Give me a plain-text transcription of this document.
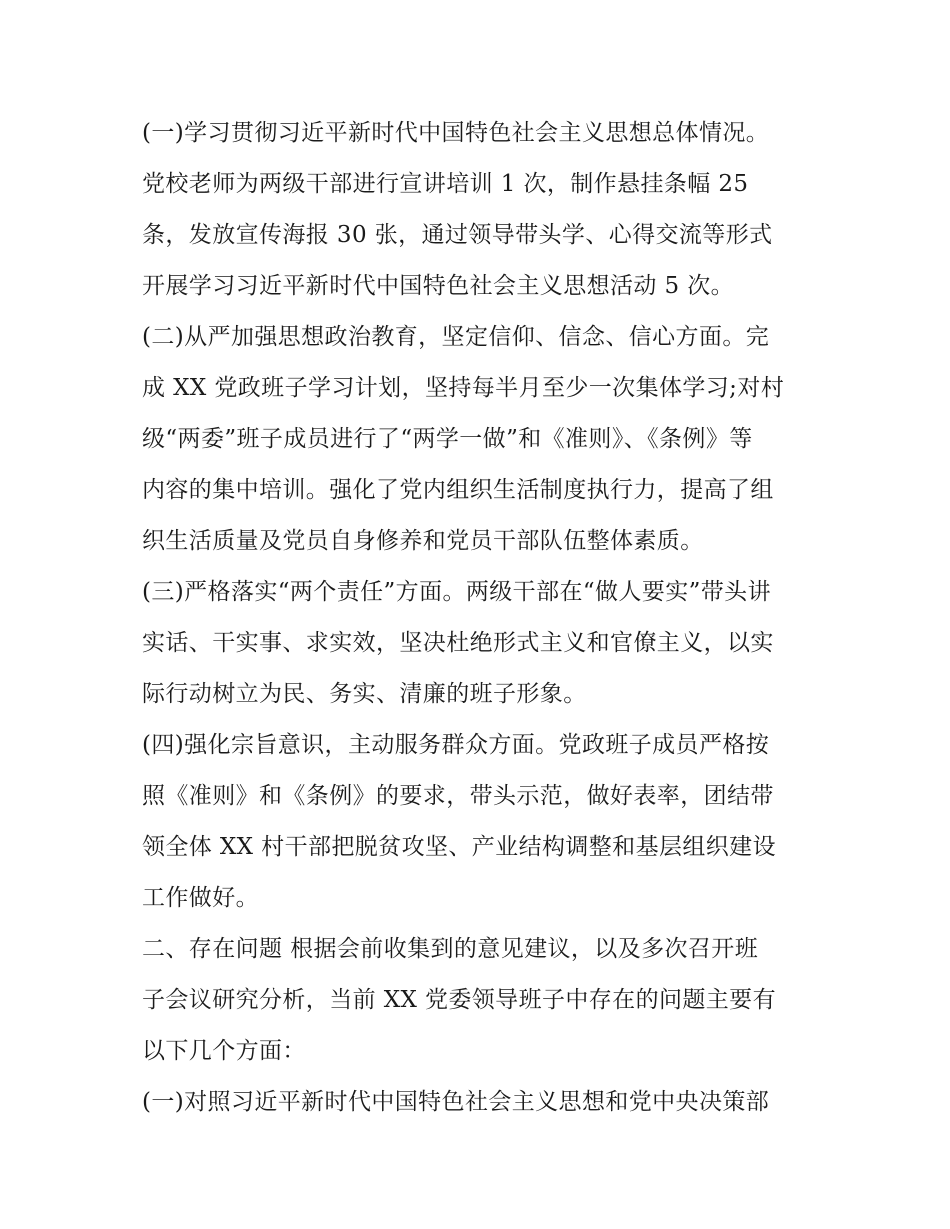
(一)学习贯彻习近平新时代中国特色社会主义思想总体情况。
党校老师为两级干部进行宣讲培训 1 次，制作悬挂条幅 25
条，发放宣传海报 30 张，通过领导带头学、心得交流等形式
开展学习习近平新时代中国特色社会主义思想活动 5 次。
(二)从严加强思想政治教育，坚定信仰、信念、信心方面。完
成 XX 党政班子学习计划，坚持每半月至少一次集体学习;对村
级“两委”班子成员进行了“两学一做”和《准则》、《条例》等
内容的集中培训。强化了党内组织生活制度执行力，提高了组
织生活质量及党员自身修养和党员干部队伍整体素质。
(三)严格落实“两个责任”方面。两级干部在“做人要实”带头讲
实话、干实事、求实效，坚决杜绝形式主义和官僚主义，以实
际行动树立为民、务实、清廉的班子形象。
(四)强化宗旨意识，主动服务群众方面。党政班子成员严格按
照《准则》和《条例》的要求，带头示范，做好表率，团结带
领全体 XX 村干部把脱贫攻坚、产业结构调整和基层组织建设
工作做好。
二、存在问题 根据会前收集到的意见建议，以及多次召开班
子会议研究分析，当前 XX 党委领导班子中存在的问题主要有
以下几个方面：
(一)对照习近平新时代中国特色社会主义思想和党中央决策部
